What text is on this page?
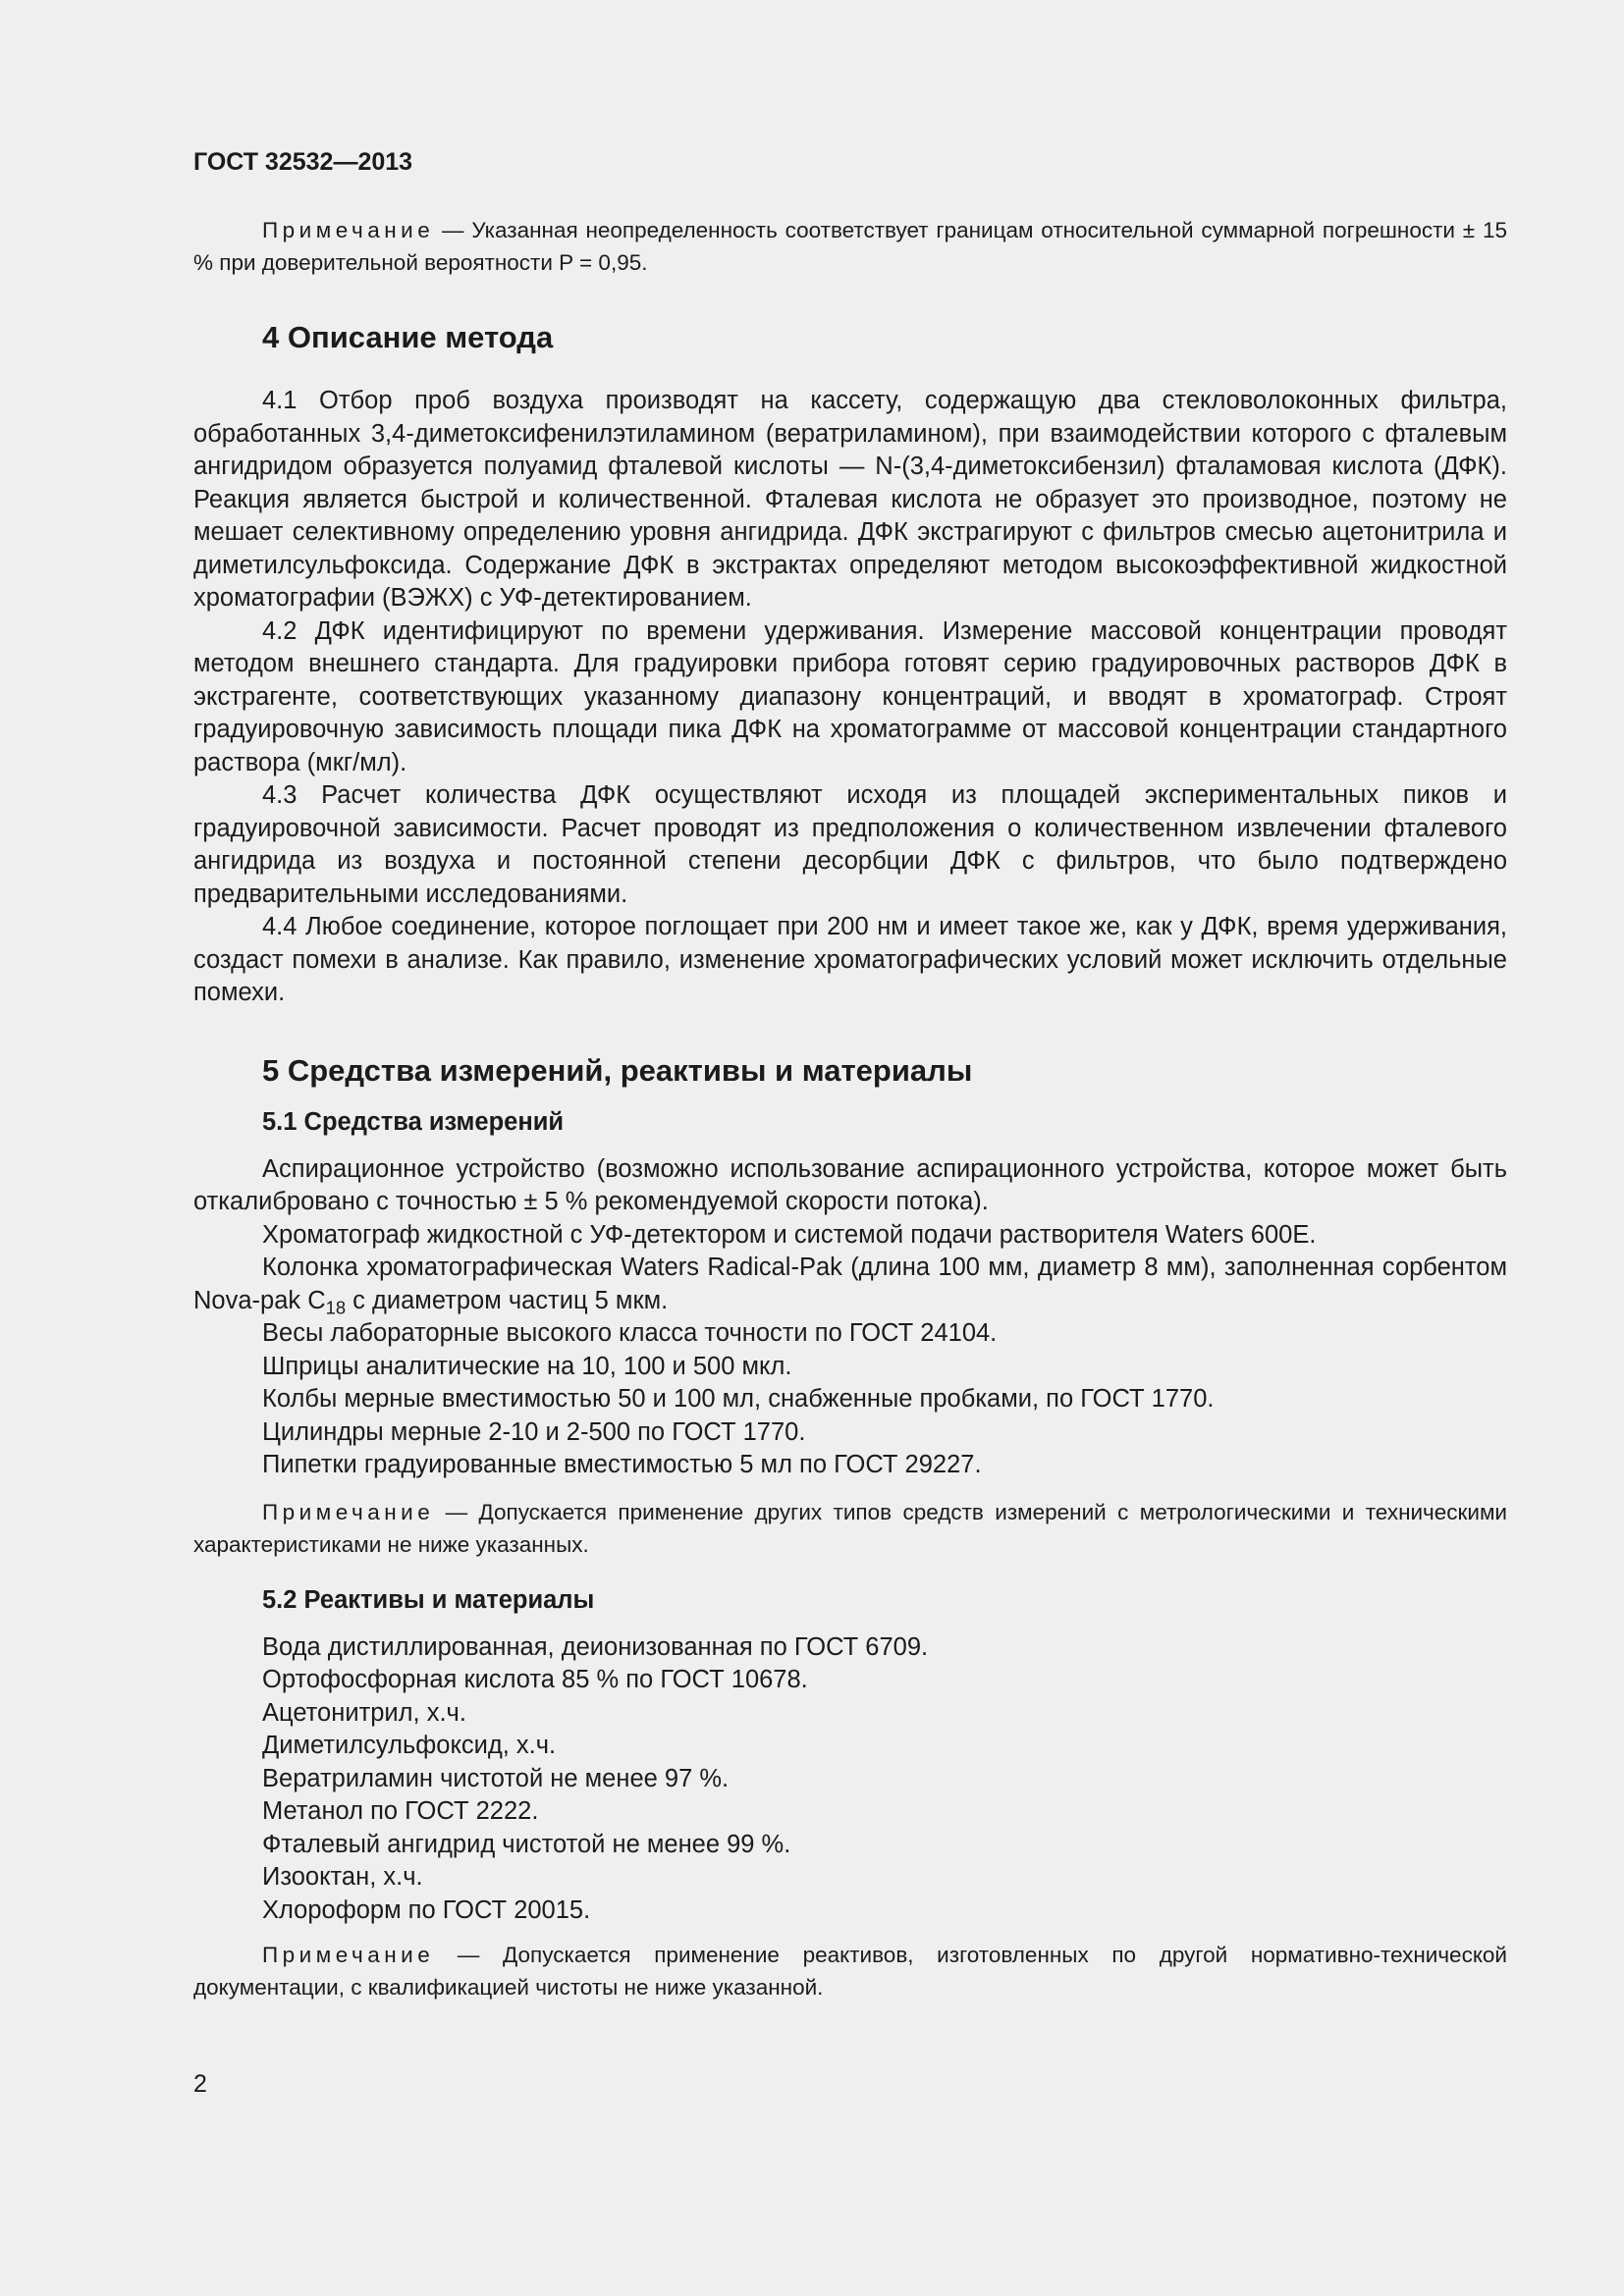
ГОСТ 32532—2013

Примечание — Указанная неопределенность соответствует границам относительной суммарной погрешности ± 15 % при доверительной вероятности P = 0,95.

4 Описание метода

4.1 Отбор проб воздуха производят на кассету, содержащую два стекловолоконных фильтра, обработанных 3,4-диметоксифенилэтиламином (вератриламином), при взаимодействии которого с фталевым ангидридом образуется полуамид фталевой кислоты — N-(3,4-диметоксибензил) фталамовая кислота (ДФК). Реакция является быстрой и количественной. Фталевая кислота не образует это производное, поэтому не мешает селективному определению уровня ангидрида. ДФК экстрагируют с фильтров смесью ацетонитрила и диметилсульфоксида. Содержание ДФК в экстрактах определяют методом высокоэффективной жидкостной хроматографии (ВЭЖХ) с УФ-детектированием.

4.2 ДФК идентифицируют по времени удерживания. Измерение массовой концентрации проводят методом внешнего стандарта. Для градуировки прибора готовят серию градуировочных растворов ДФК в экстрагенте, соответствующих указанному диапазону концентраций, и вводят в хроматограф. Строят градуировочную зависимость площади пика ДФК на хроматограмме от массовой концентрации стандартного раствора (мкг/мл).

4.3 Расчет количества ДФК осуществляют исходя из площадей экспериментальных пиков и градуировочной зависимости. Расчет проводят из предположения о количественном извлечении фталевого ангидрида из воздуха и постоянной степени десорбции ДФК с фильтров, что было подтверждено предварительными исследованиями.

4.4 Любое соединение, которое поглощает при 200 нм и имеет такое же, как у ДФК, время удерживания, создаст помехи в анализе. Как правило, изменение хроматографических условий может исключить отдельные помехи.

5 Средства измерений, реактивы и материалы
5.1 Средства измерений

Аспирационное устройство (возможно использование аспирационного устройства, которое может быть откалибровано с точностью ± 5 % рекомендуемой скорости потока).

Хроматограф жидкостной с УФ-детектором и системой подачи растворителя Waters 600E.

Колонка хроматографическая Waters Radical-Pak (длина 100 мм, диаметр 8 мм), заполненная сорбентом Nova-pak $C_{18}$ с диаметром частиц 5 мкм.

Весы лабораторные высокого класса точности по ГОСТ 24104.

Шприцы аналитические на 10, 100 и 500 мкл.

Колбы мерные вместимостью 50 и 100 мл, снабженные пробками, по ГОСТ 1770.

Цилиндры мерные 2-10 и 2-500 по ГОСТ 1770.

Пипетки градуированные вместимостью 5 мл по ГОСТ 29227.

Примечание — Допускается применение других типов средств измерений с метрологическими и техническими характеристиками не ниже указанных.

5.2 Реактивы и материалы

Вода дистиллированная, деионизованная по ГОСТ 6709.

Ортофосфорная кислота 85 % по ГОСТ 10678.

Ацетонитрил, х.ч.

Диметилсульфоксид, х.ч.

Вератриламин чистотой не менее 97 %.

Метанол по ГОСТ 2222.

Фталевый ангидрид чистотой не менее 99 %.

Изооктан, х.ч.

Хлороформ по ГОСТ 20015.

Примечание — Допускается применение реактивов, изготовленных по другой нормативно-технической документации, с квалификацией чистоты не ниже указанной.

2
